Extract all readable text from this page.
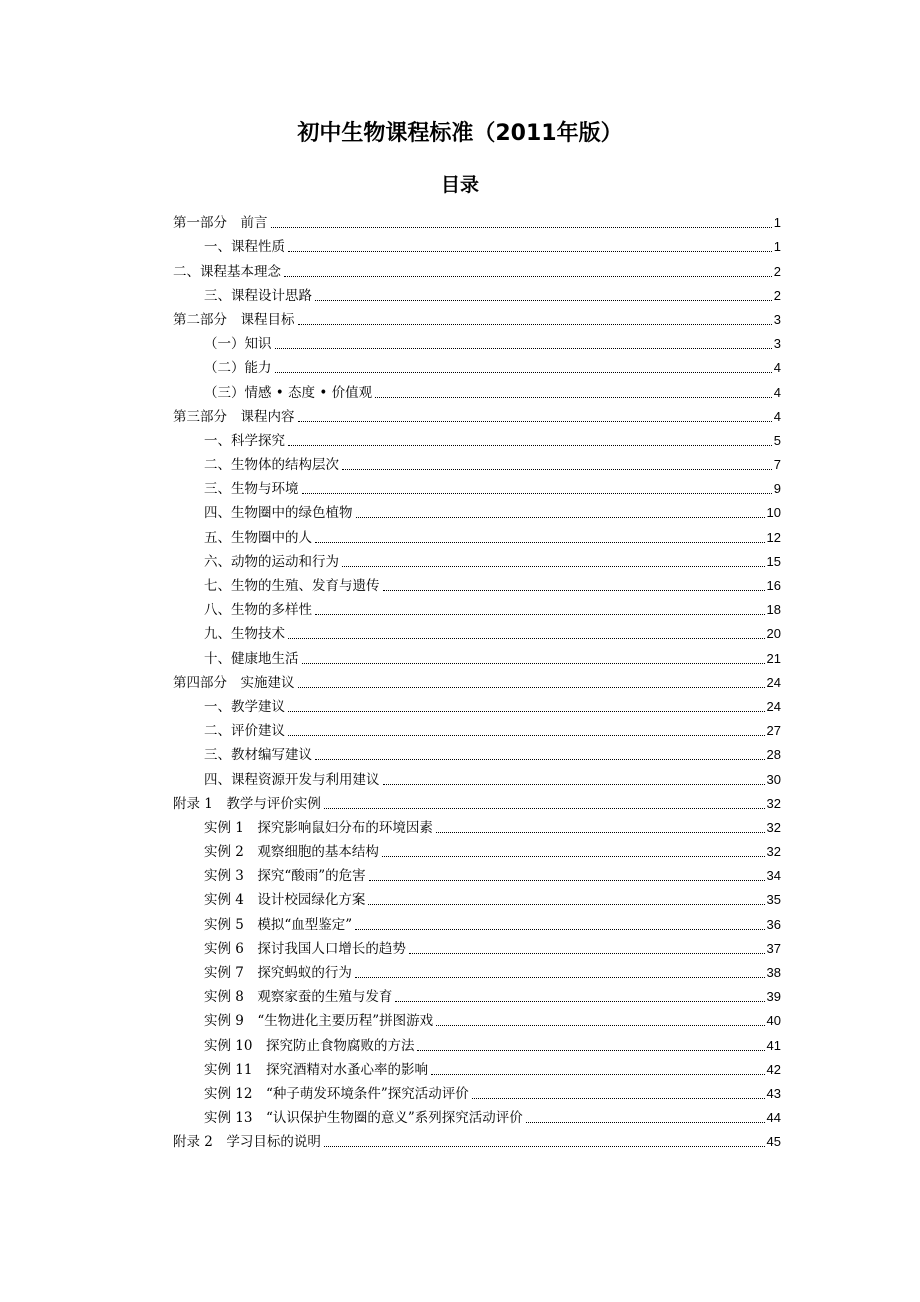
初中生物课程标准（2011年版）
目录
第一部分　前言	1
一、课程性质	1
二、课程基本理念	2
三、课程设计思路	2
第二部分　课程目标	3
（一）知识	3
（二）能力	4
（三）情感 • 态度 • 价值观	4
第三部分　课程内容	4
一、科学探究	5
二、生物体的结构层次	7
三、生物与环境	9
四、生物圈中的绿色植物	10
五、生物圈中的人	12
六、动物的运动和行为	15
七、生物的生殖、发育与遗传	16
八、生物的多样性	18
九、生物技术	20
十、健康地生活	21
第四部分　实施建议	24
一、教学建议	24
二、评价建议	27
三、教材编写建议	28
四、课程资源开发与利用建议	30
附录 1　教学与评价实例	32
实例 1　探究影响鼠妇分布的环境因素	32
实例 2　观察细胞的基本结构	32
实例 3　探究“酸雨”的危害	34
实例 4　设计校园绿化方案	35
实例 5　模拟“血型鉴定”	36
实例 6　探讨我国人口增长的趋势	37
实例 7　探究蚂蚁的行为	38
实例 8　观察家蚕的生殖与发育	39
实例 9　“生物进化主要历程”拼图游戏	40
实例 10　探究防止食物腐败的方法	41
实例 11　探究酒精对水蚤心率的影响	42
实例 12　“种子萌发环境条件”探究活动评价	43
实例 13　“认识保护生物圈的意义”系列探究活动评价	44
附录 2　学习目标的说明	45
